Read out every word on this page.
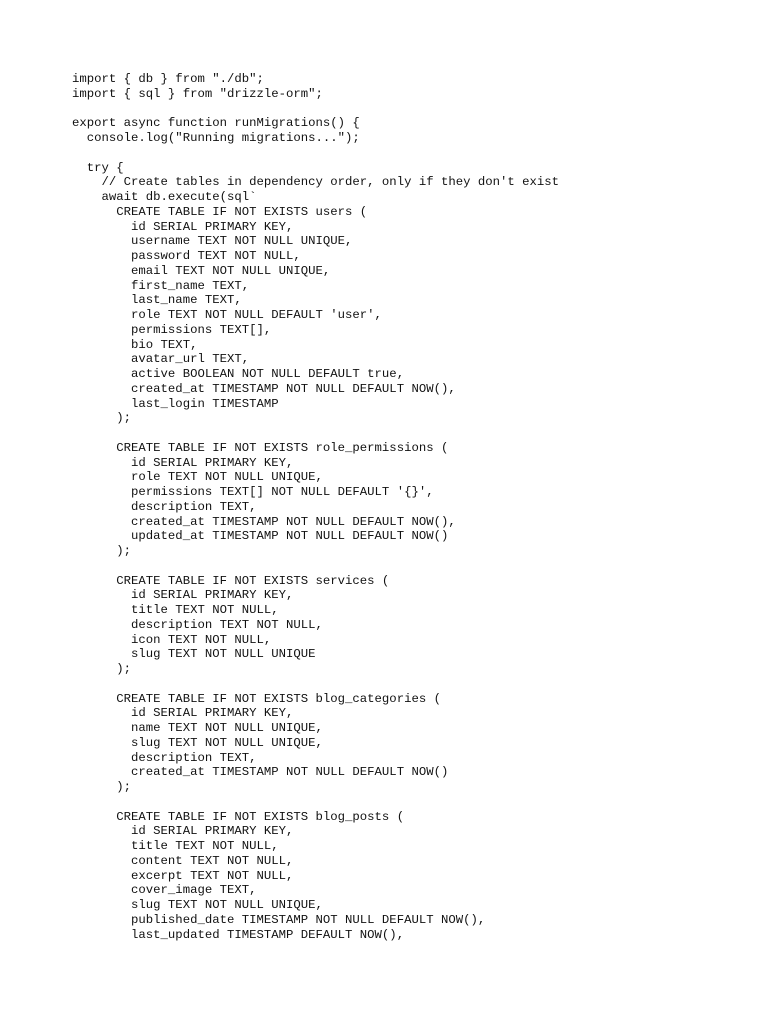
import { db } from "./db";
import { sql } from "drizzle-orm";
export async function runMigrations() {
console.log("Running migrations...");
try {
// Create tables in dependency order, only if they don't exist
await db.execute(sql`
CREATE TABLE IF NOT EXISTS users (
id SERIAL PRIMARY KEY,
username TEXT NOT NULL UNIQUE,
password TEXT NOT NULL,
email TEXT NOT NULL UNIQUE,
first_name TEXT,
last_name TEXT,
role TEXT NOT NULL DEFAULT 'user',
permissions TEXT[],
bio TEXT,
avatar_url TEXT,
active BOOLEAN NOT NULL DEFAULT true,
created_at TIMESTAMP NOT NULL DEFAULT NOW(),
last_login TIMESTAMP
);
CREATE TABLE IF NOT EXISTS role_permissions (
id SERIAL PRIMARY KEY,
role TEXT NOT NULL UNIQUE,
permissions TEXT[] NOT NULL DEFAULT '{}',
description TEXT,
created_at TIMESTAMP NOT NULL DEFAULT NOW(),
updated_at TIMESTAMP NOT NULL DEFAULT NOW()
);
CREATE TABLE IF NOT EXISTS services (
id SERIAL PRIMARY KEY,
title TEXT NOT NULL,
description TEXT NOT NULL,
icon TEXT NOT NULL,
slug TEXT NOT NULL UNIQUE
);
CREATE TABLE IF NOT EXISTS blog_categories (
id SERIAL PRIMARY KEY,
name TEXT NOT NULL UNIQUE,
slug TEXT NOT NULL UNIQUE,
description TEXT,
created_at TIMESTAMP NOT NULL DEFAULT NOW()
);
CREATE TABLE IF NOT EXISTS blog_posts (
id SERIAL PRIMARY KEY,
title TEXT NOT NULL,
content TEXT NOT NULL,
excerpt TEXT NOT NULL,
cover_image TEXT,
slug TEXT NOT NULL UNIQUE,
published_date TIMESTAMP NOT NULL DEFAULT NOW(),
last_updated TIMESTAMP DEFAULT NOW(),
